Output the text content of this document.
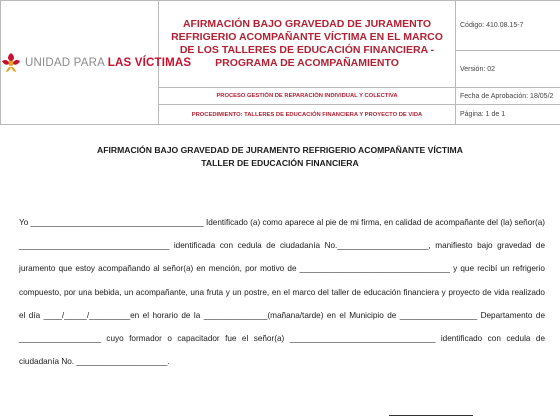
UNIDAD PARA LAS VÍCTIMAS	AFIRMACIÓN BAJO GRAVEDAD DE JURAMENTO REFRIGERIO ACOMPAÑANTE VÍCTIMA EN EL MARCO DE LOS TALLERES DE EDUCACIÓN FINANCIERA - PROGRAMA DE ACOMPAÑAMIENTO	Código: 410.08.15-7
		Versión: 02
	PROCESO GESTIÓN DE REPARACIÓN INDIVIDUAL Y COLECTIVA	Fecha de Aprobación: 18/05/2
	PROCEDIMIENTO: TALLERES DE EDUCACIÓN FINANCIERA Y PROYECTO DE VIDA	Página: 1 de 1
AFIRMACIÓN BAJO GRAVEDAD DE JURAMENTO REFRIGERIO ACOMPAÑANTE VÍCTIMA
TALLER DE EDUCACIÓN FINANCIERA

Yo ______________________________________ Identificado (a) como aparece al pie de mi firma, en calidad de acompañante del (la) señor(a) _________________________________ identificada con cedula de ciudadanía No.____________________, manifiesto bajo gravedad de juramento que estoy acompañando al señor(a) en mención, por motivo de _________________________________ y que recibí un refrigerio compuesto, por una bebida, un acompañante, una fruta y un postre, en el marco del taller de educación financiera y proyecto de vida realizado el día ____/_____/_________en el horario de la ______________(mañana/tarde) en el Municipio de _________________ Departamento de __________________ cuyo formador o capacitador fue el señor(a) ________________________________ identificado con cedula de ciudadanía No. ____________________.
